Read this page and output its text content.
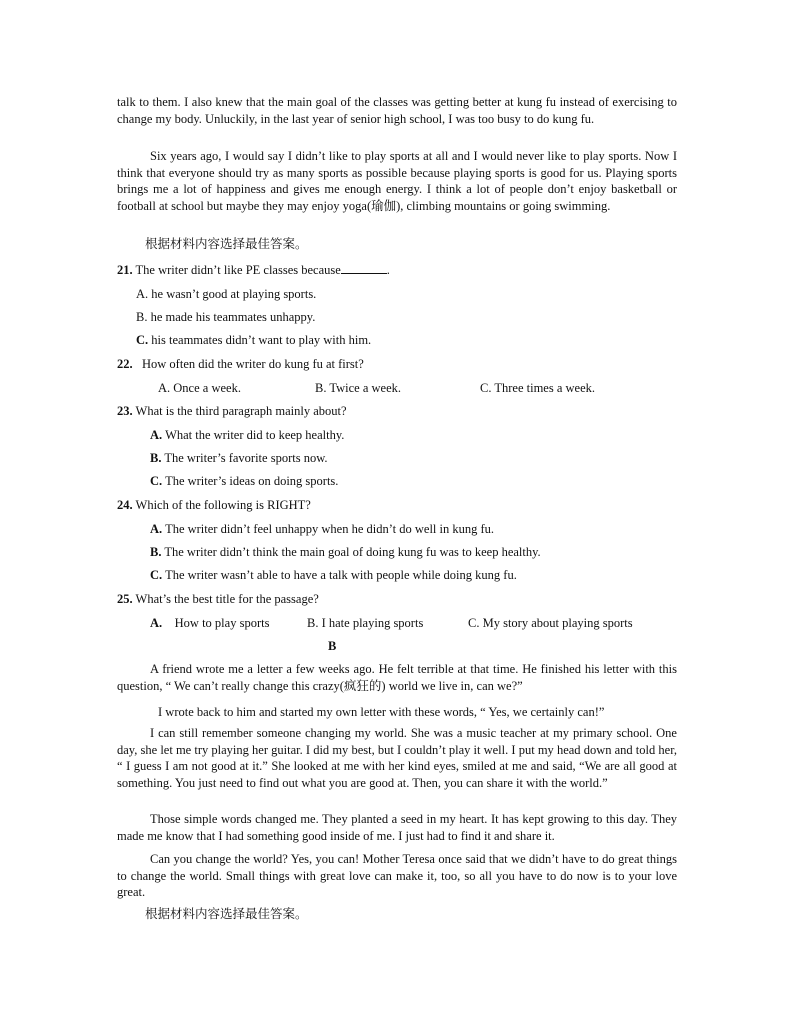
talk to them. I also knew that the main goal of the classes was getting better at kung fu instead of exercising to change my body. Unluckily, in the last year of senior high school, I was too busy to do kung fu.

Six years ago, I would say I didn’t like to play sports at all and I would never like to play sports. Now I think that everyone should try as many sports as possible because playing sports is good for us. Playing sports brings me a lot of happiness and gives me enough energy. I think a lot of people don’t enjoy basketball or football at school but maybe they may enjoy yoga(瑜伽), climbing mountains or going swimming.

根据材料内容选择最佳答案。

21. The writer didn’t like PE classes because	.

A. he wasn’t good at playing sports.

B. he made his teammates unhappy.

C. his teammates didn’t want to play with him.

22. How often did the writer do kung fu at first?

A. Once a week.	B. Twice a week.	C. Three times a week.

23. What is the third paragraph mainly about?

A. What the writer did to keep healthy.

B. The writer’s favorite sports now.

C. The writer’s ideas on doing sports.

24. Which of the following is RIGHT?

A. The writer didn’t feel unhappy when he didn’t do well in kung fu.

B. The writer didn’t think the main goal of doing kung fu was to keep healthy.

C. The writer wasn’t able to have a talk with people while doing kung fu.

25. What’s the best title for the passage?

A. How to play sports	B. I hate playing sports	C. My story about playing sports

B

A friend wrote me a letter a few weeks ago. He felt terrible at that time. He finished his letter with this question, “ We can’t really change this crazy(疯狂的) world we live in, can we?”

I wrote back to him and started my own letter with these words, “ Yes, we certainly can!”

I can still remember someone changing my world. She was a music teacher at my primary school. One day, she let me try playing her guitar. I did my best, but I couldn’t play it well. I put my head down and told her, “ I guess I am not good at it.” She looked at me with her kind eyes, smiled at me and said, “We are all good at something. You just need to find out what you are good at. Then, you can share it with the world.”

Those simple words changed me. They planted a seed in my heart. It has kept growing to this day. They made me know that I had something good inside of me. I just had to find it and share it.

Can you change the world? Yes, you can! Mother Teresa once said that we didn’t have to do great things to change the world. Small things with great love can make it, too, so all you have to do now is to your love great.

根据材料内容选择最佳答案。
